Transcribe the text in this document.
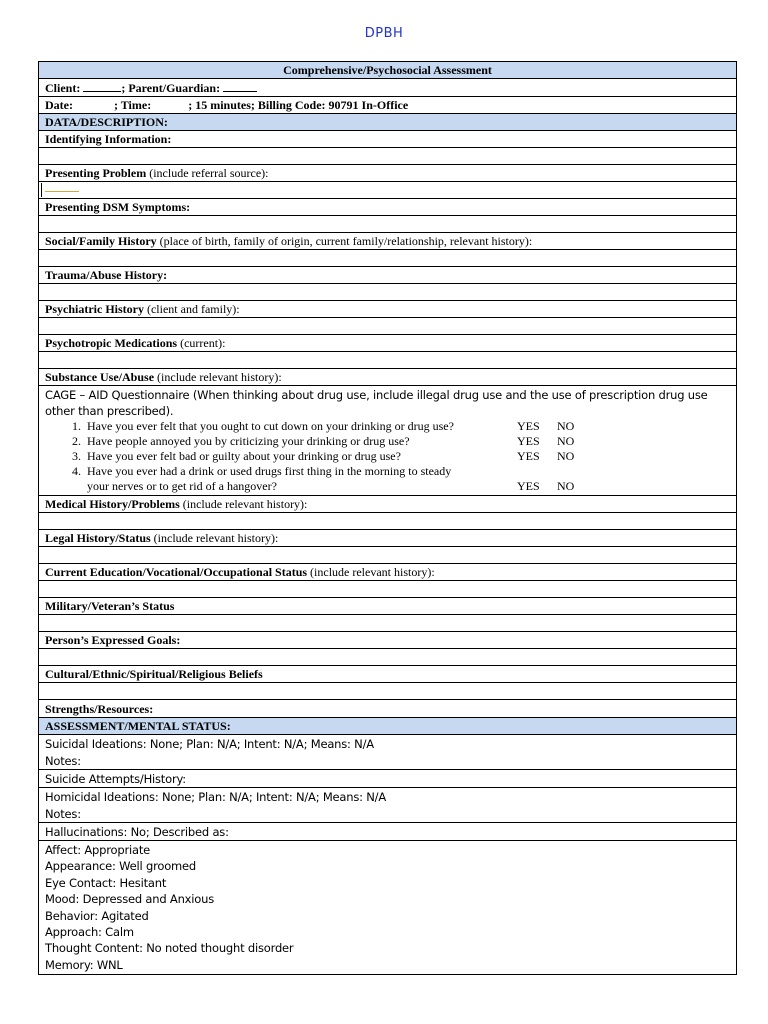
DPBH
Comprehensive/Psychosocial Assessment
Client:	; Parent/Guardian:
Date:	; Time:	; 15 minutes; Billing Code: 90791 In-Office
DATA/DESCRIPTION:
Identifying Information:
Presenting Problem (include referral source):
Presenting DSM Symptoms:
Social/Family History (place of birth, family of origin, current family/relationship, relevant history):
Trauma/Abuse History:
Psychiatric History (client and family):
Psychotropic Medications (current):
Substance Use/Abuse (include relevant history):
CAGE – AID Questionnaire (When thinking about drug use, include illegal drug use and the use of prescription drug use other than prescribed).
1. Have you ever felt that you ought to cut down on your drinking or drug use?	YES	NO
2. Have people annoyed you by criticizing your drinking or drug use?	YES	NO
3. Have you ever felt bad or guilty about your drinking or drug use?	YES	NO
4. Have you ever had a drink or used drugs first thing in the morning to steady
your nerves or to get rid of a hangover?	YES	NO
Medical History/Problems (include relevant history):
Legal History/Status (include relevant history):
Current Education/Vocational/Occupational Status (include relevant history):
Military/Veteran’s Status
Person’s Expressed Goals:
Cultural/Ethnic/Spiritual/Religious Beliefs
Strengths/Resources:
ASSESSMENT/MENTAL STATUS:
Suicidal Ideations: None; Plan: N/A; Intent: N/A; Means: N/A
Notes:
Suicide Attempts/History:
Homicidal Ideations: None; Plan: N/A; Intent: N/A; Means: N/A
Notes:
Hallucinations: No; Described as:
Affect: Appropriate
Appearance: Well groomed
Eye Contact: Hesitant
Mood: Depressed and Anxious
Behavior: Agitated
Approach: Calm
Thought Content: No noted thought disorder
Memory: WNL
